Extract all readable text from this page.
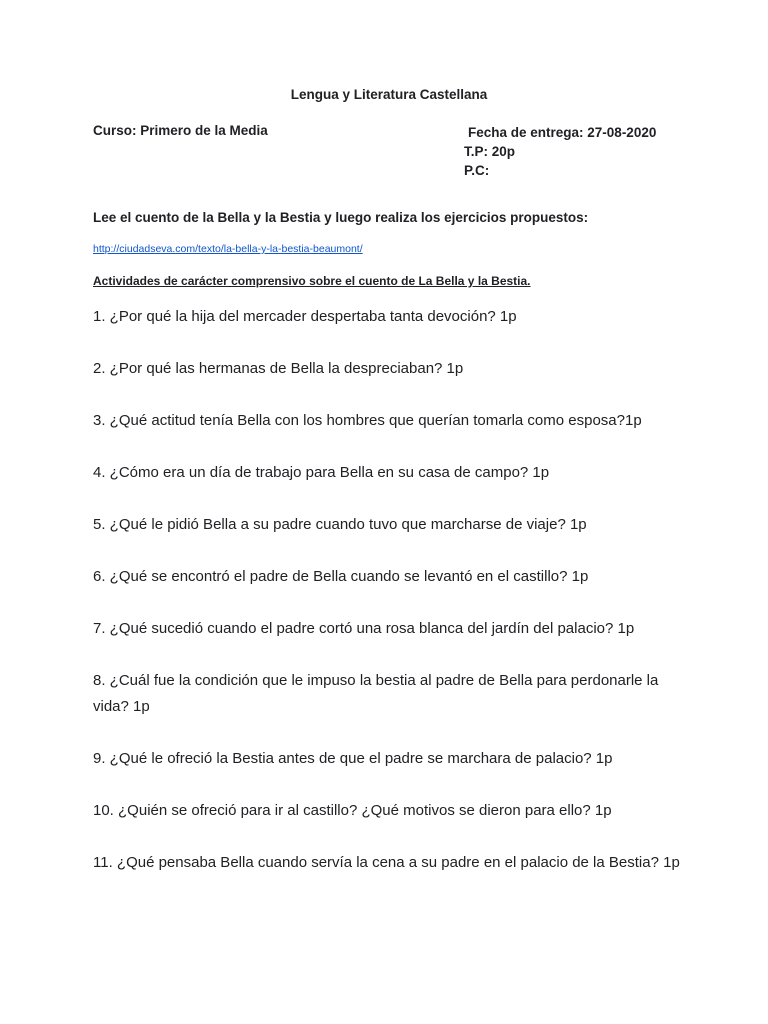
Lengua y Literatura Castellana
Curso: Primero de la Media	Fecha de entrega: 27-08-2020
T.P: 20p
P.C:
Lee el cuento de la Bella y la Bestia y luego realiza los ejercicios propuestos:
http://ciudadseva.com/texto/la-bella-y-la-bestia-beaumont/
Actividades de carácter comprensivo sobre el cuento de La Bella y la Bestia.
1. ¿Por qué la hija del mercader despertaba tanta devoción? 1p
2. ¿Por qué las hermanas de Bella la despreciaban? 1p
3. ¿Qué actitud tenía Bella con los hombres que querían tomarla como esposa?1p
4. ¿Cómo era un día de trabajo para Bella en su casa de campo? 1p
5. ¿Qué le pidió Bella a su padre cuando tuvo que marcharse de viaje? 1p
6. ¿Qué se encontró el padre de Bella cuando se levantó en el castillo? 1p
7. ¿Qué sucedió cuando el padre cortó una rosa blanca del jardín del palacio? 1p
8. ¿Cuál fue la condición que le impuso la bestia al padre de Bella para perdonarle la vida? 1p
9. ¿Qué le ofreció la Bestia antes de que el padre se marchara de palacio? 1p
10. ¿Quién se ofreció para ir al castillo? ¿Qué motivos se dieron para ello? 1p
11. ¿Qué pensaba Bella cuando servía la cena a su padre en el palacio de la Bestia? 1p
